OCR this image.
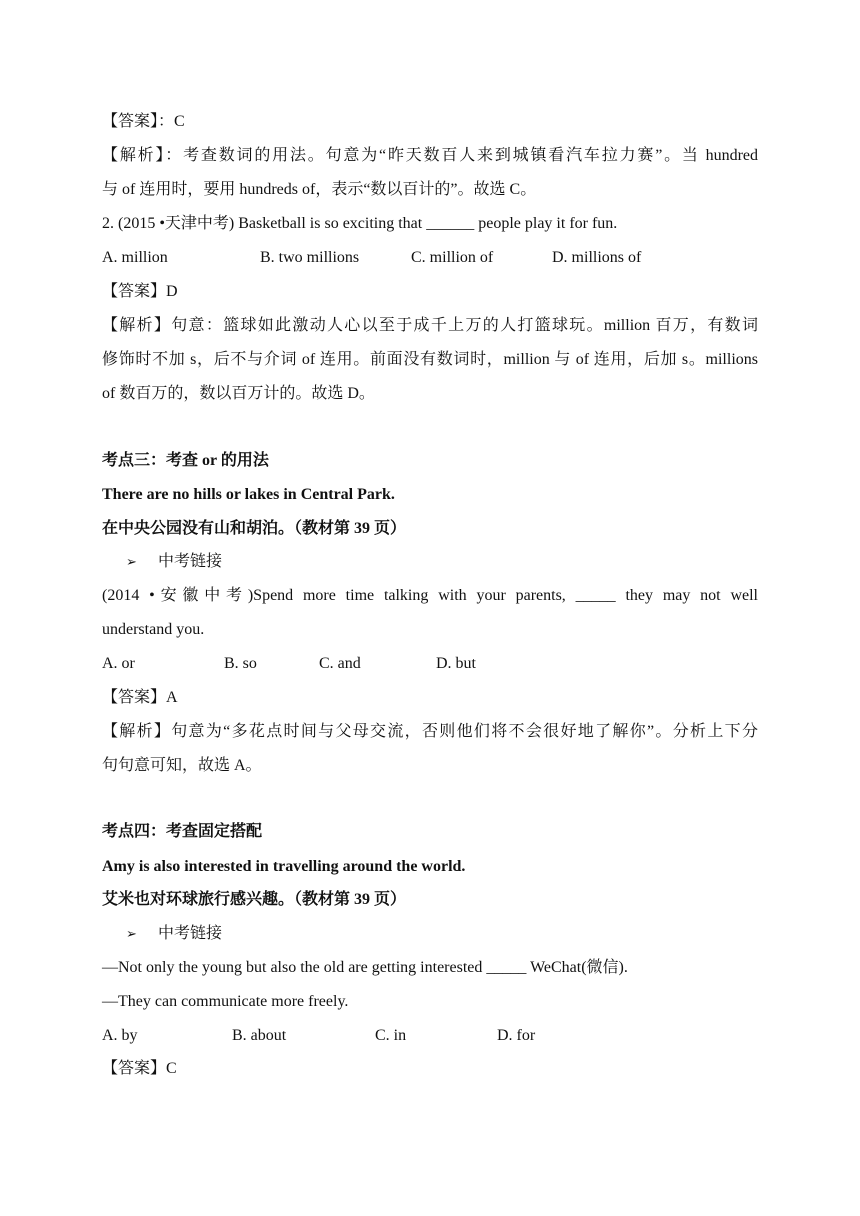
【答案】：C
【解析】：考查数词的用法。句意为“昨天数百人来到城镇看汽车拉力赛”。当 hundred
与 of 连用时，要用 hundreds of，表示“数以百计的”。故选 C。
2. (2015 •天津中考) Basketball is so exciting that ______ people play it for fun.
A. million	B. two millions	C. million of	D. millions of
【答案】D
【解析】句意：篮球如此激动人心以至于成千上万的人打篮球玩。million 百万，有数词
修饰时不加 s，后不与介词 of 连用。前面没有数词时，million 与 of 连用，后加 s。millions
of 数百万的，数以百万计的。故选 D。
考点三：考查 or 的用法
There are no hills or lakes in Central Park.
在中央公园没有山和胡泊。（教材第 39 页）
➢ 中考链接
(2014 •安徽中考)Spend more time talking with your parents, _____ they may not well
understand you.
A. or	B. so	C. and	D. but
【答案】A
【解析】句意为“多花点时间与父母交流，否则他们将不会很好地了解你”。分析上下分
句句意可知，故选 A。
考点四：考查固定搭配
Amy is also interested in travelling around the world.
艾米也对环球旅行感兴趣。（教材第 39 页）
➢ 中考链接
—Not only the young but also the old are getting interested _____ WeChat(微信).
—They can communicate more freely.
A. by	B. about	C. in	D. for
【答案】C
